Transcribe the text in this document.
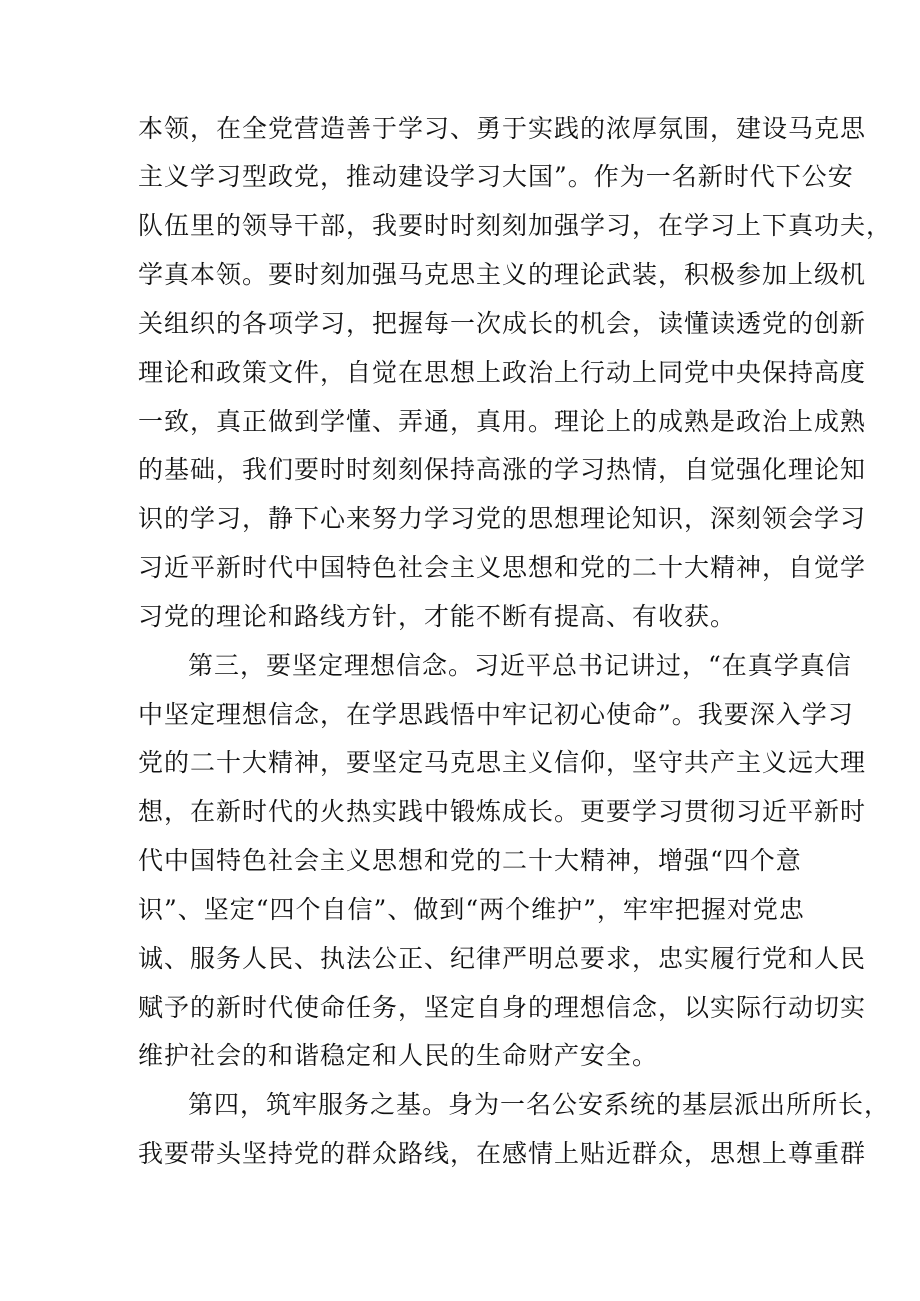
本领，在全党营造善于学习、勇于实践的浓厚氛围，建设马克思
主义学习型政党，推动建设学习大国”。作为一名新时代下公安
队伍里的领导干部，我要时时刻刻加强学习，在学习上下真功夫，
学真本领。要时刻加强马克思主义的理论武装，积极参加上级机
关组织的各项学习，把握每一次成长的机会，读懂读透党的创新
理论和政策文件，自觉在思想上政治上行动上同党中央保持高度
一致，真正做到学懂、弄通，真用。理论上的成熟是政治上成熟
的基础，我们要时时刻刻保持高涨的学习热情，自觉强化理论知
识的学习，静下心来努力学习党的思想理论知识，深刻领会学习
习近平新时代中国特色社会主义思想和党的二十大精神，自觉学
习党的理论和路线方针，才能不断有提高、有收获。
第三，要坚定理想信念。习近平总书记讲过，“在真学真信
中坚定理想信念，在学思践悟中牢记初心使命”。我要深入学习
党的二十大精神，要坚定马克思主义信仰，坚守共产主义远大理
想，在新时代的火热实践中锻炼成长。更要学习贯彻习近平新时
代中国特色社会主义思想和党的二十大精神，增强“四个意
识”、坚定“四个自信”、做到“两个维护”，牢牢把握对党忠
诚、服务人民、执法公正、纪律严明总要求，忠实履行党和人民
赋予的新时代使命任务，坚定自身的理想信念，以实际行动切实
维护社会的和谐稳定和人民的生命财产安全。
第四，筑牢服务之基。身为一名公安系统的基层派出所所长，
我要带头坚持党的群众路线，在感情上贴近群众，思想上尊重群
